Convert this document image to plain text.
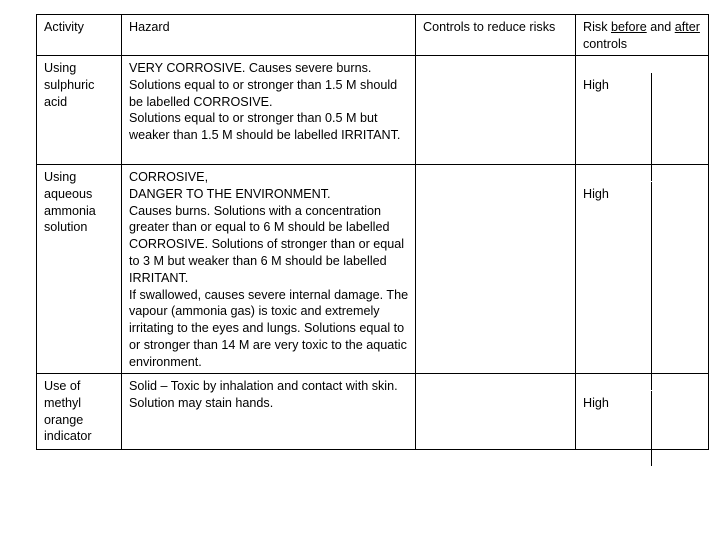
Activity	Hazard	Controls to reduce risks	Risk before and after controls
Using sulphuric acid	VERY CORROSIVE. Causes severe burns. Solutions equal to or stronger than 1.5 M should be labelled CORROSIVE.
Solutions equal to or stronger than 0.5 M but weaker than 1.5 M should be labelled IRRITANT.		High

Using aqueous ammonia solution	CORROSIVE,
DANGER TO THE ENVIRONMENT.
Causes burns. Solutions with a concentration greater than or equal to 6 M should be labelled CORROSIVE. Solutions of stronger than or equal to 3 M but weaker than 6 M should be labelled IRRITANT.
If swallowed, causes severe internal damage. The vapour (ammonia gas) is toxic and extremely irritating to the eyes and lungs. Solutions equal to or stronger than 14 M are very toxic to the aquatic environment.		High

Use of methyl orange indicator	Solid – Toxic by inhalation and contact with skin. Solution may stain hands.		High
